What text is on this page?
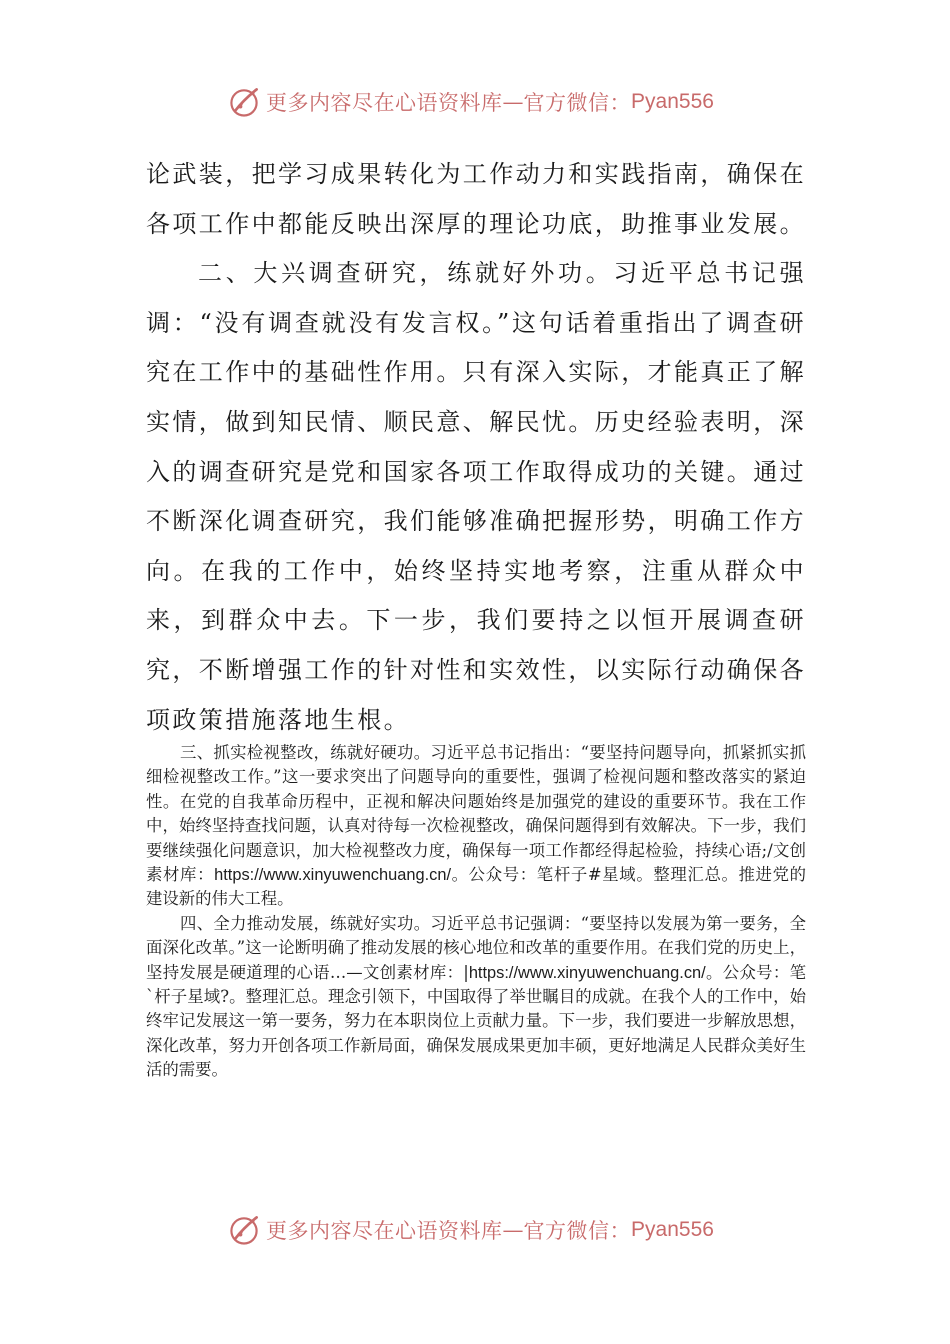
更多内容尽在心语资料库 — 官方微信： Pyan556

论武装，把学习成果转化为工作动力和实践指南，确保在各项工作中都能反映出深厚的理论功底，助推事业发展。

二、大兴调查研究，练就好外功。习近平总书记强调：“没有调查就没有发言权。”这句话着重指出了调查研究在工作中的基础性作用。只有深入实际，才能真正了解实情，做到知民情、顺民意、解民忧。历史经验表明，深入的调查研究是党和国家各项工作取得成功的关键。通过不断深化调查研究，我们能够准确把握形势，明确工作方向。在我的工作中，始终坚持实地考察，注重从群众中来，到群众中去。下一步，我们要持之以恒开展调查研究，不断增强工作的针对性和实效性，以实际行动确保各项政策措施落地生根。

三、抓实检视整改，练就好硬功。习近平总书记指出：“要坚持问题导向，抓紧抓实抓细检视整改工作。”这一要求突出了问题导向的重要性，强调了检视问题和整改落实的紧迫性。在党的自我革命历程中，正视和解决问题始终是加强党的建设的重要环节。我在工作中，始终坚持查找问题，认真对待每一次检视整改，确保问题得到有效解决。下一步，我们要继续强化问题意识，加大检视整改力度，确保每一项工作都经得起检验，持续心语;/文创素材库：https://www.xinyuwenchuang.cn/。公众号：笔杆子#星域。整理汇总。推进党的建设新的伟大工程。

四、全力推动发展，练就好实功。习近平总书记强调：“要坚持以发展为第一要务，全面深化改革。”这一论断明确了推动发展的核心地位和改革的重要作用。在我们党的历史上，坚持发展是硬道理的心语…—文创素材库：|https://www.xinyuwenchuang.cn/。公众号：笔`杆子星域?。整理汇总。理念引领下，中国取得了举世瞩目的成就。在我个人的工作中，始终牢记发展这一第一要务，努力在本职岗位上贡献力量。下一步，我们要进一步解放思想，深化改革，努力开创各项工作新局面，确保发展成果更加丰硕，更好地满足人民群众美好生活的需要。

更多内容尽在心语资料库 — 官方微信： Pyan556
